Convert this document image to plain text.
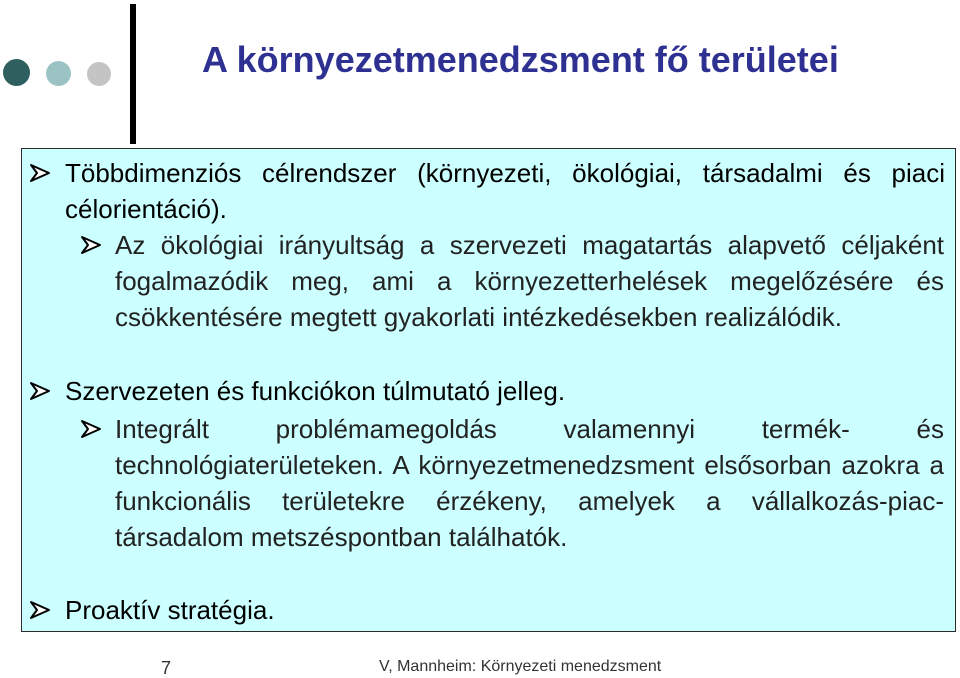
A környezetmenedzsment fő területei
Többdimenziós célrendszer (környezeti, ökológiai, társadalmi és piaci célorientáció).
Az ökológiai irányultság a szervezeti magatartás alapvető céljaként fogalmazódik meg, ami a környezetterhelések megelőzésére és csökkentésére megtett gyakorlati intézkedésekben realizálódik.
Szervezeten és funkciókon túlmutató jelleg.
Integrált problémamegoldás valamennyi termék- és technológiaterületeken. A környezetmenedzsment elsősorban azokra a funkcionális területekre érzékeny, amelyek a vállalkozás-piac-társadalom metszéspontban találhatók.
Proaktív stratégia.
7	V, Mannheim: Környezeti menedzsment
